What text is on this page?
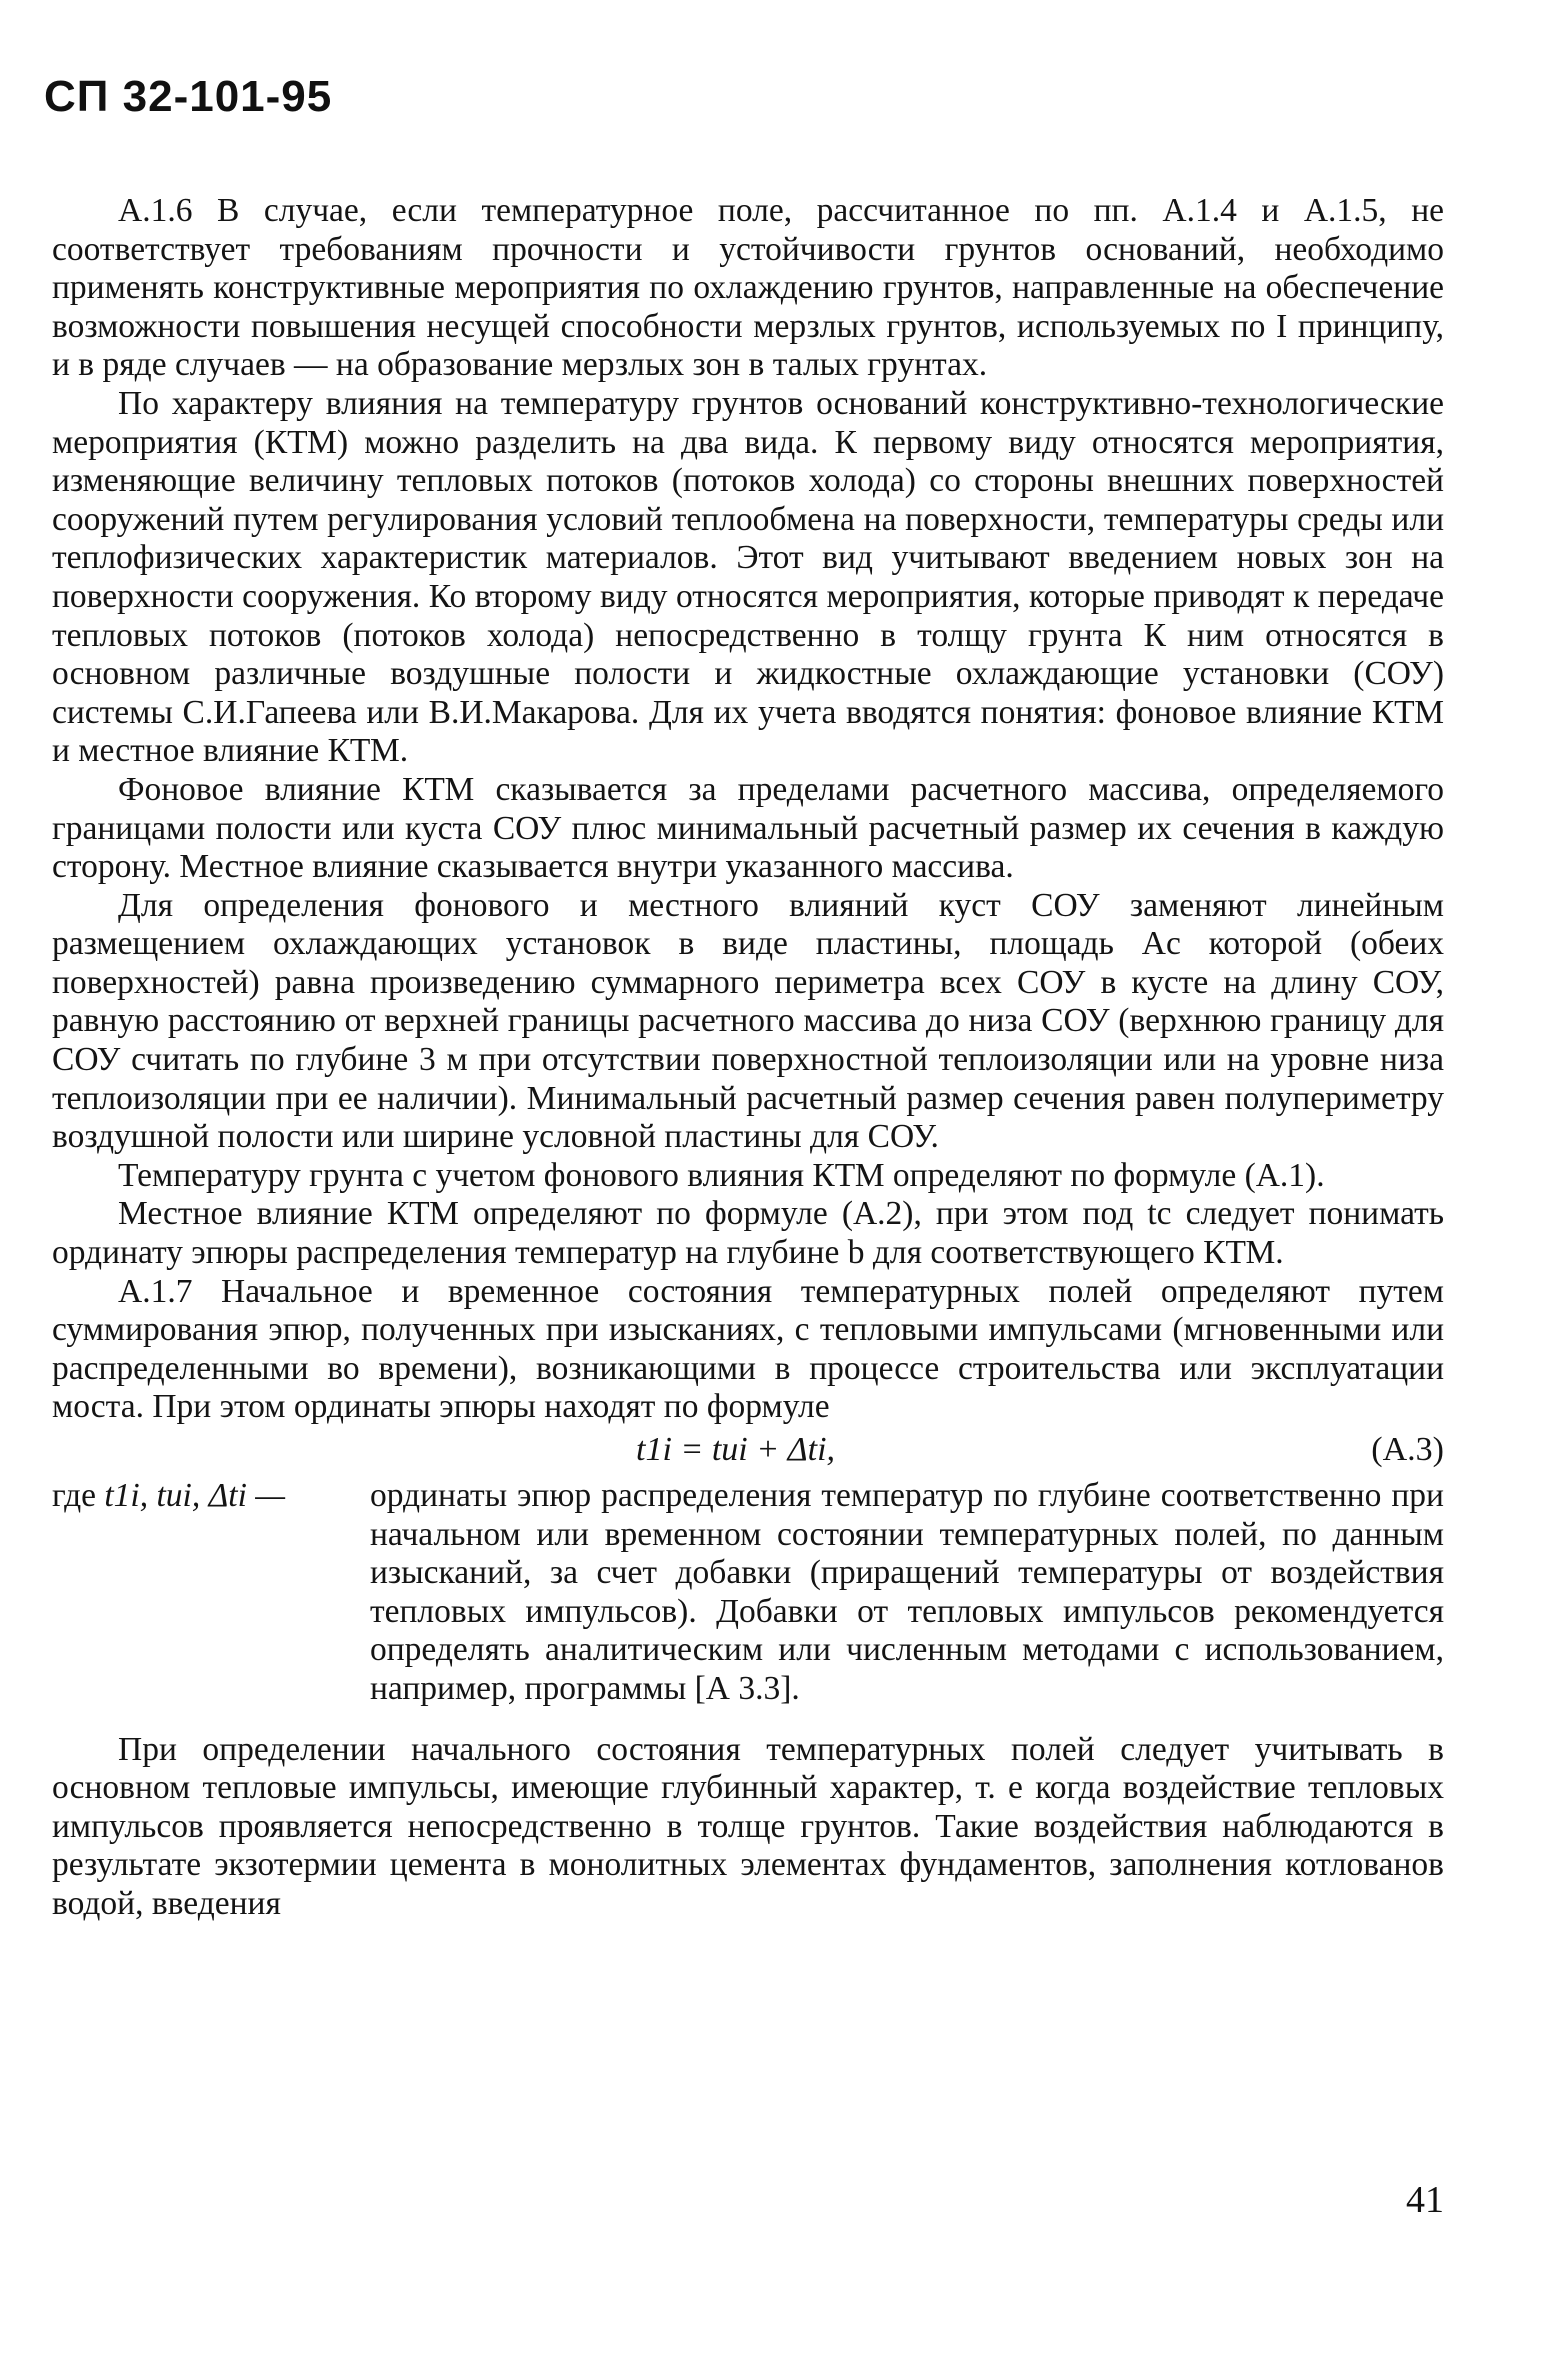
СП 32-101-95

А.1.6 В случае, если температурное поле, рассчитанное по пп. А.1.4 и А.1.5, не соответствует требованиям прочности и устойчивости грунтов оснований, необходимо применять конструктивные мероприятия по охлаждению грунтов, направленные на обеспечение возможности повышения несущей способности мерзлых грунтов, используемых по I принципу, и в ряде случаев — на образование мерзлых зон в талых грунтах.

По характеру влияния на температуру грунтов оснований конструктивно-технологические мероприятия (КТМ) можно разделить на два вида. К первому виду относятся мероприятия, изменяющие величину тепловых потоков (потоков холода) со стороны внешних поверхностей сооружений путем регулирования условий теплообмена на поверхности, температуры среды или теплофизических характеристик материалов. Этот вид учитывают введением новых зон на поверхности сооружения. Ко второму виду относятся мероприятия, которые приводят к передаче тепловых потоков (потоков холода) непосредственно в толщу грунта К ним относятся в основном различные воздушные полости и жидкостные охлаждающие установки (СОУ) системы С.И.Гапеева или В.И.Макарова. Для их учета вводятся понятия: фоновое влияние КТМ и местное влияние КТМ.

Фоновое влияние КТМ сказывается за пределами расчетного массива, определяемого границами полости или куста СОУ плюс минимальный расчетный размер их сечения в каждую сторону. Местное влияние сказывается внутри указанного массива.

Для определения фонового и местного влияний куст СОУ заменяют линейным размещением охлаждающих установок в виде пластины, площадь Ac которой (обеих поверхностей) равна произведению суммарного периметра всех СОУ в кусте на длину СОУ, равную расстоянию от верхней границы расчетного массива до низа СОУ (верхнюю границу для СОУ считать по глубине 3 м при отсутствии поверхностной теплоизоляции или на уровне низа теплоизоляции при ее наличии). Минимальный расчетный размер сечения равен полупериметру воздушной полости или ширине условной пластины для СОУ.

Температуру грунта с учетом фонового влияния КТМ определяют по формуле (А.1).

Местное влияние КТМ определяют по формуле (А.2), при этом под tc следует понимать ординату эпюры распределения температур на глубине b для соответствующего КТМ.

А.1.7 Начальное и временное состояния температурных полей определяют путем суммирования эпюр, полученных при изысканиях, с тепловыми импульсами (мгновенными или распределенными во времени), возникающими в процессе строительства или эксплуатации моста. При этом ординаты эпюры находят по формуле

t1i = tиi + Δti,	(А.3)
где t1i, tиi, Δti —	ординаты эпюр распределения температур по глубине соответственно при начальном или временном состоянии температурных полей, по данным изысканий, за счет добавки (приращений температуры от воздействия тепловых импульсов). Добавки от тепловых импульсов рекомендуется определять аналитическим или численным методами с использованием, например, программы [А 3.3].

При определении начального состояния температурных полей следует учитывать в основном тепловые импульсы, имеющие глубинный характер, т. е когда воздействие тепловых импульсов проявляется непосредственно в толще грунтов. Такие воздействия наблюдаются в результате экзотермии цемента в монолитных элементах фундаментов, заполнения котлованов водой, введения

41
